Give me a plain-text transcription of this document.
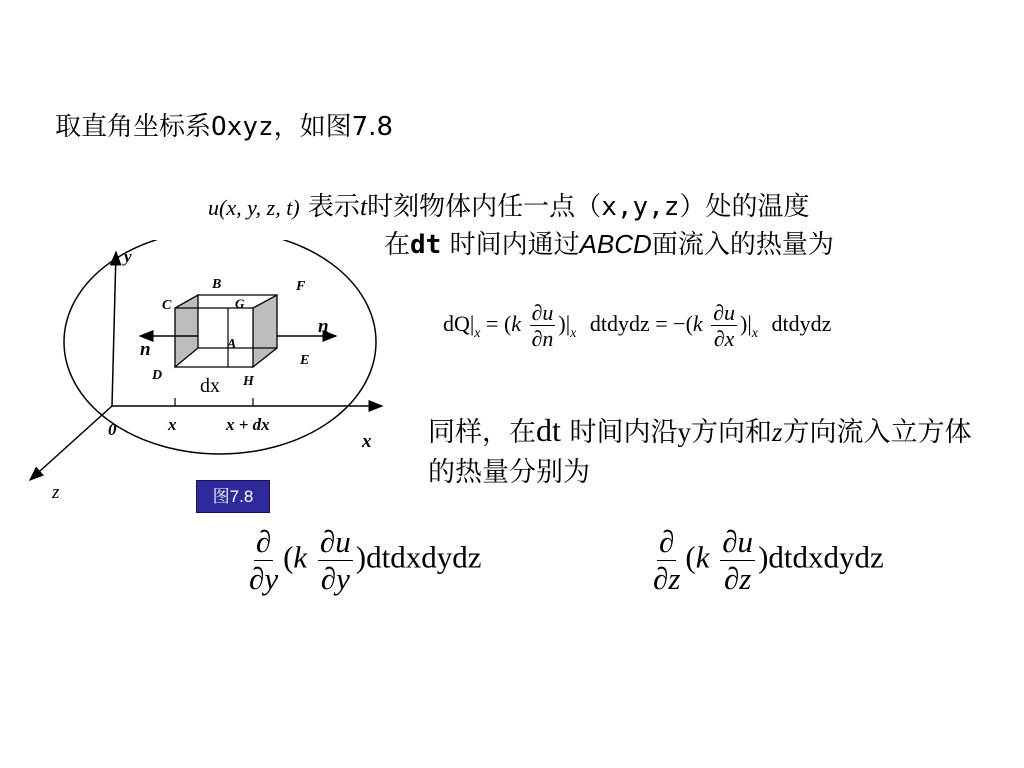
取直角坐标系Oxyz，如图7.8
u(x, y, z, t) 表示t时刻物体内任一点（x,y,z）处的温度
在dt 时间内通过ABCD面流入的热量为
$dQ|_x = (k \frac{\partial u}{\partial n} )|_x$ dtdydz = $-(k \frac{\partial u}{\partial x} )|_x$ dtdydz
同样，在dt 时间内沿y方向和z方向流入立方体的热量分别为
图7.8
$\frac{\partial}{\partial y} (k \frac{\partial u}{\partial y}$ )dtdxdydz	$\frac{\partial}{\partial z} (k \frac{\partial u}{\partial z}$ )dtdxdydz
y
x
z
0
B
C	G
F
A
D	H
E
n
n
dx
x	x + dx
